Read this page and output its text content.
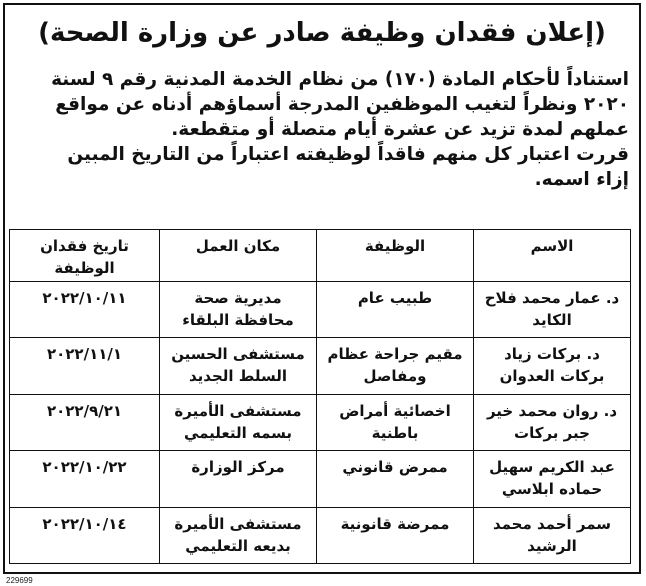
(إعلان فقدان وظيفة صادر عن وزارة الصحة)
استناداً لأحكام المادة (١٧٠) من نظام الخدمة المدنية رقم ٩ لسنة
٢٠٢٠ ونظراً لتغيب الموظفين المدرجة أسماؤهم أدناه عن مواقع
عملهم لمدة تزيد عن عشرة أيام متصلة أو متقطعة.
قررت اعتبار كل منهم فاقداً لوظيفته اعتباراً من التاريخ المبين
إزاء اسمه.
الاسم	الوظيفة	مكان العمل	تاريخ فقدان الوظيفة
د. عمار محمد فلاح الكايد	طبيب عام	مديرية صحة محافظة البلقاء	٢٠٢٢/١٠/١١
د. بركات زياد بركات العدوان	مقيم جراحة عظام ومفاصل	مستشفى الحسين السلط الجديد	٢٠٢٢/١١/١
د. روان محمد خير جبر بركات	اخصائية أمراض باطنية	مستشفى الأميرة بسمه التعليمي	٢٠٢٢/٩/٢١
عبد الكريم سهيل حماده ابلاسي	ممرض قانوني	مركز الوزارة	٢٠٢٢/١٠/٢٢
سمر أحمد محمد الرشيد	ممرضة قانونية	مستشفى الأميرة بديعه التعليمي	٢٠٢٢/١٠/١٤
229699
